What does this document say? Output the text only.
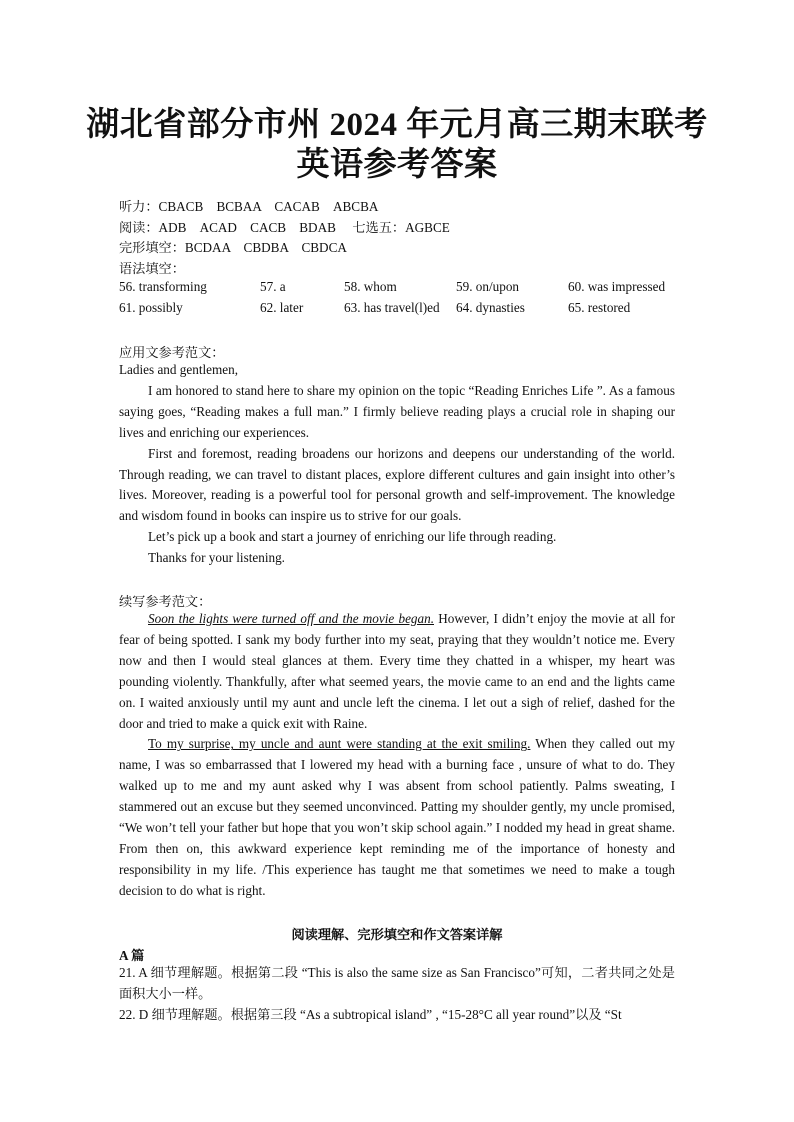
湖北省部分市州 2024 年元月高三期末联考
英语参考答案
听力：CBACB　BCBAA　CACAB　ABCBA
阅读：ADB　ACAD　CACB　BDAB　 七选五：AGBCE
完形填空：BCDAA　CBDBA　CBDCA
语法填空：
56. transforming	57. a	58. whom	59. on/upon	60. was impressed
61. possibly	62. later	63. has travel(l)ed 64. dynasties	65. restored
应用文参考范文：
Ladies and gentlemen,
I am honored to stand here to share my opinion on the topic “Reading Enriches Life ”. As a famous saying goes, “Reading makes a full man.” I firmly believe reading plays a crucial role in shaping our lives and enriching our experiences.
First and foremost, reading broadens our horizons and deepens our understanding of the world. Through reading, we can travel to distant places, explore different cultures and gain insight into other’s lives. Moreover, reading is a powerful tool for personal growth and self-improvement. The knowledge and wisdom found in books can inspire us to strive for our goals.
Let’s pick up a book and start a journey of enriching our life through reading.
Thanks for your listening.
续写参考范文：
Soon the lights were turned off and the movie began. However, I didn’t enjoy the movie at all for fear of being spotted. I sank my body further into my seat, praying that they wouldn’t notice me. Every now and then I would steal glances at them. Every time they chatted in a whisper, my heart was pounding violently. Thankfully, after what seemed years, the movie came to an end and the lights came on. I waited anxiously until my aunt and uncle left the cinema. I let out a sigh of relief, dashed for the door and tried to make a quick exit with Raine.
To my surprise, my uncle and aunt were standing at the exit smiling. When they called out my name, I was so embarrassed that I lowered my head with a burning face , unsure of what to do. They walked up to me and my aunt asked why I was absent from school patiently. Palms sweating, I stammered out an excuse but they seemed unconvinced. Patting my shoulder gently, my uncle promised, “We won’t tell your father but hope that you won’t skip school again.” I nodded my head in great shame. From then on, this awkward experience kept reminding me of the importance of honesty and responsibility in my life. /This experience has taught me that sometimes we need to make a tough decision to do what is right.
阅读理解、完形填空和作文答案详解
A 篇
21. A 细节理解题。根据第二段 “This is also the same size as San Francisco”可知，二者共同之处是面积大小一样。
22. D 细节理解题。根据第三段 “As a subtropical island” , “15-28°C all year round”以及 “St
